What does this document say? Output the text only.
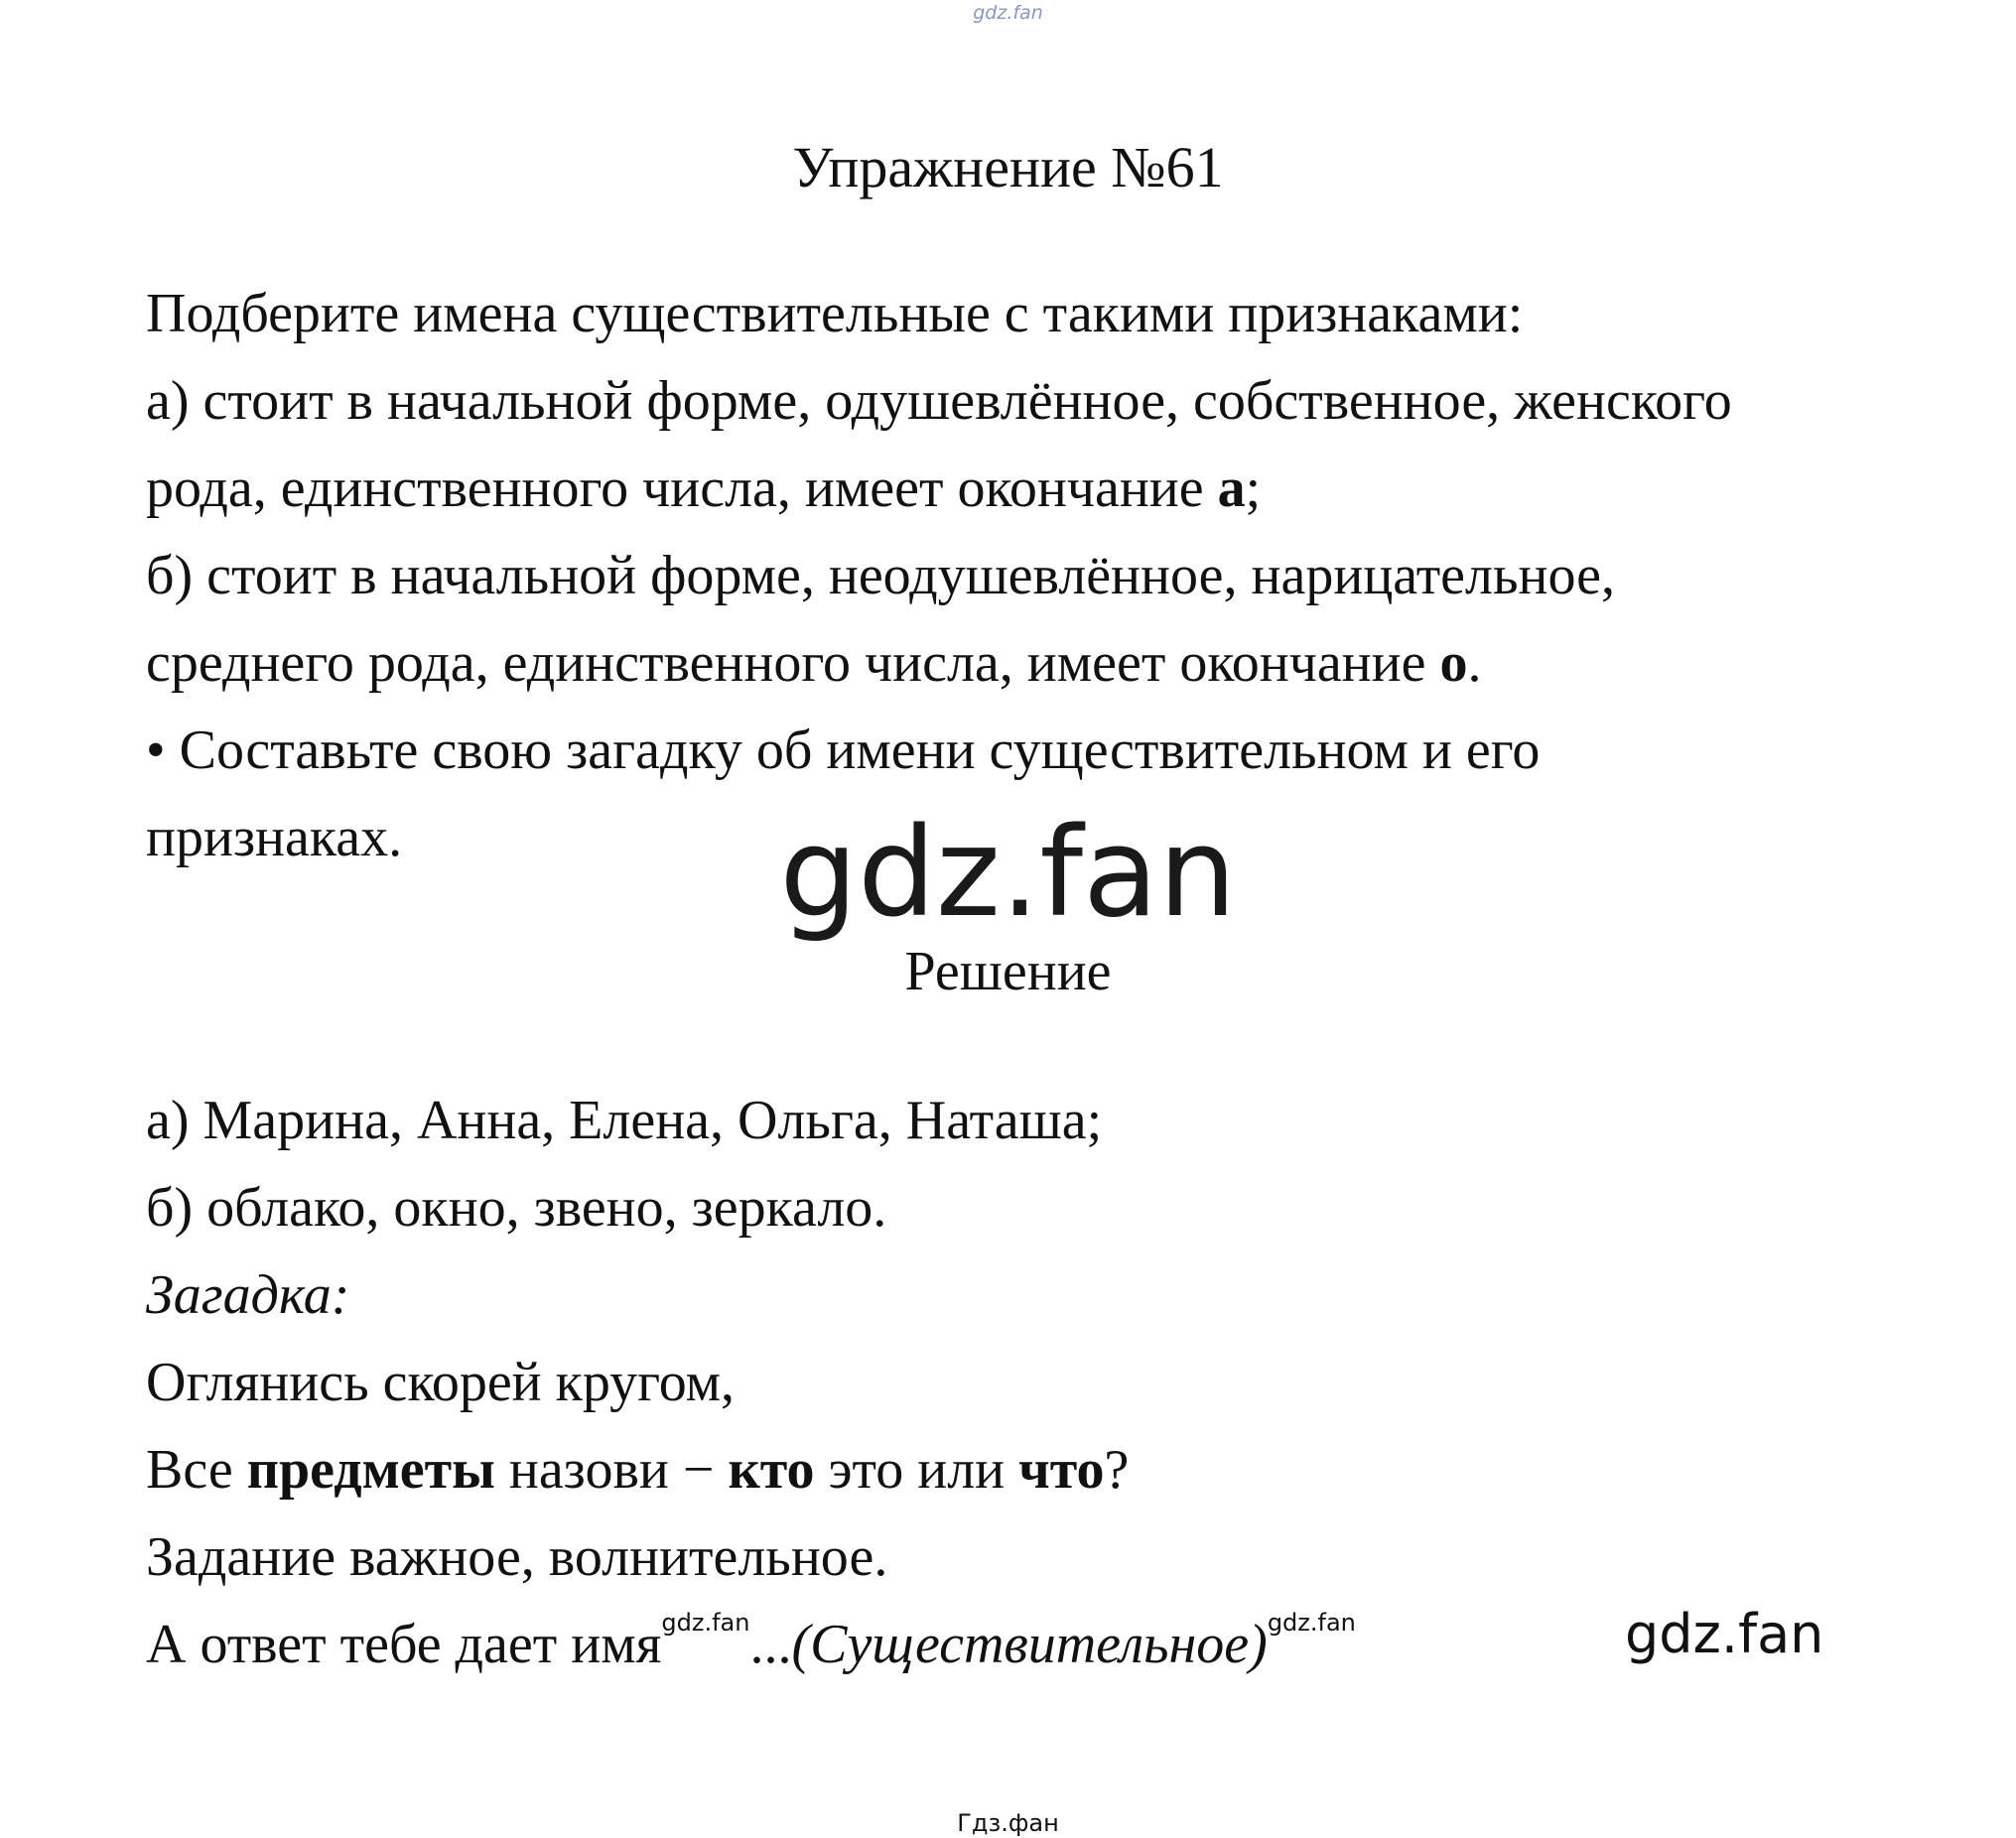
gdz.fan
Упражнение №61
Подберите имена существительные с такими признаками:
а) стоит в начальной форме, одушевлённое, собственное, женского
рода, единственного числа, имеет окончание а;
б) стоит в начальной форме, неодушевлённое, нарицательное,
среднего рода, единственного числа, имеет окончание о.
• Составьте свою загадку об имени существительном и его
признаках.	gdz.fan
Решение
а) Марина, Анна, Елена, Ольга, Наташа;
б) облако, окно, звено, зеркало.
Загадка:
Оглянись скорей кругом,
Все предметы назови − кто это или что?
Задание важное, волнительное.
А ответ тебе дает имя$^{gdz.fan}$...(Существительное)$^{gdz.fan}$	gdz.fan
Гдз.фан
